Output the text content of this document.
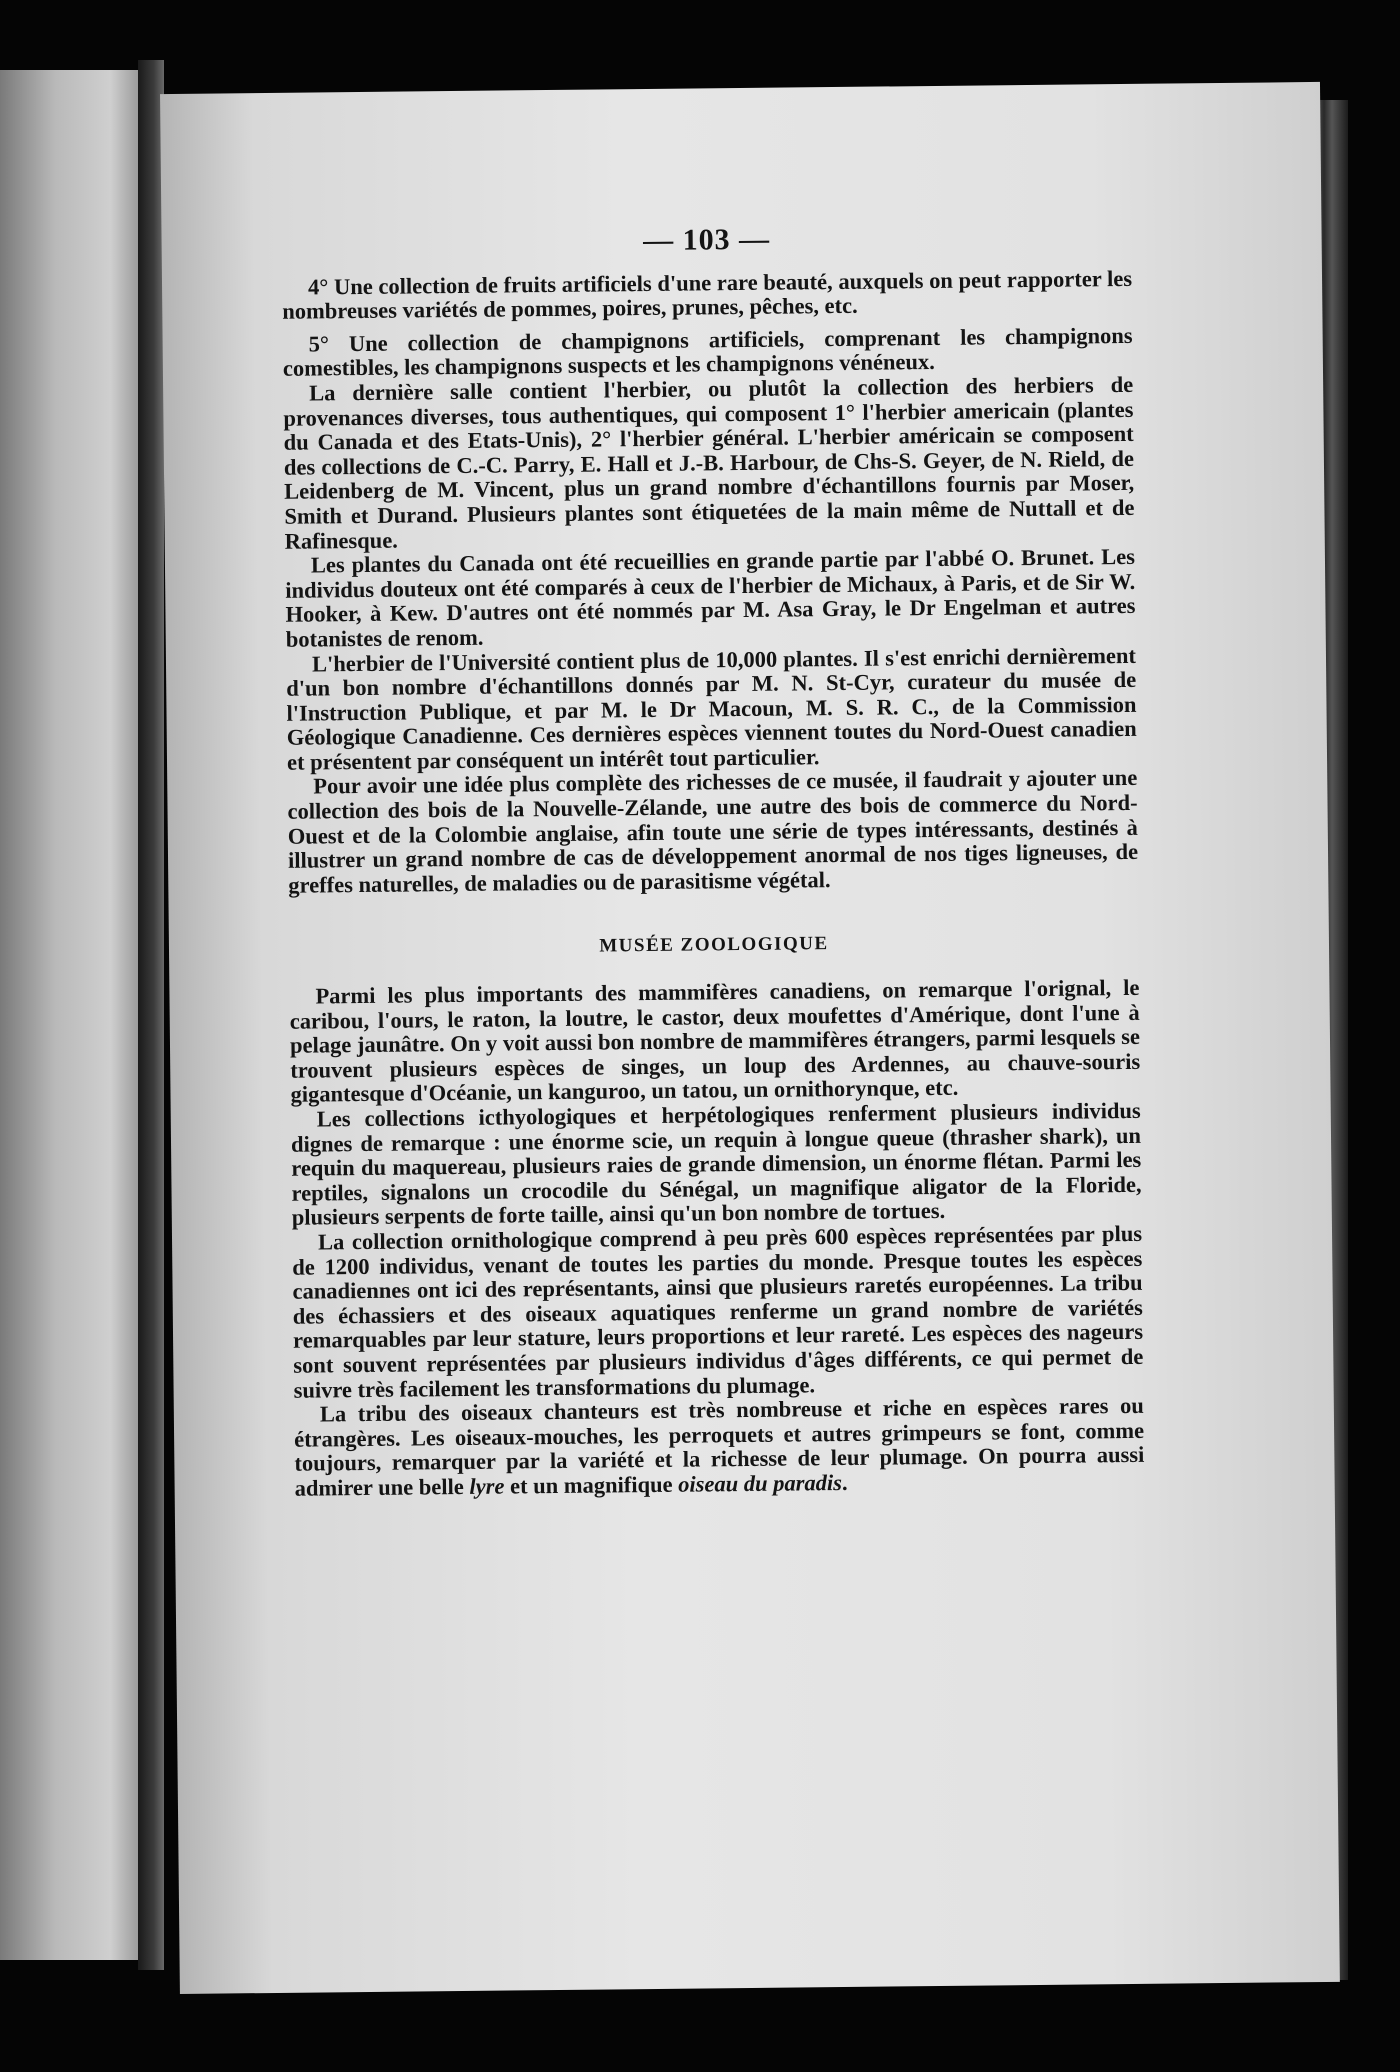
— 103 —

4° Une collection de fruits artificiels d'une rare beauté, auxquels on peut rapporter les nombreuses variétés de pommes, poires, prunes, pêches, etc.

5° Une collection de champignons artificiels, comprenant les champignons comestibles, les champignons suspects et les champignons vénéneux.

La dernière salle contient l'herbier, ou plutôt la collection des herbiers de provenances diverses, tous authentiques, qui composent 1° l'herbier americain (plantes du Canada et des Etats-Unis), 2° l'herbier général. L'herbier américain se composent des collections de C.-C. Parry, E. Hall et J.-B. Harbour, de Chs-S. Geyer, de N. Rield, de Leidenberg de M. Vincent, plus un grand nombre d'échantillons fournis par Moser, Smith et Durand. Plusieurs plantes sont étiquetées de la main même de Nuttall et de Rafinesque.

Les plantes du Canada ont été recueillies en grande partie par l'abbé O. Brunet. Les individus douteux ont été comparés à ceux de l'herbier de Michaux, à Paris, et de Sir W. Hooker, à Kew. D'autres ont été nommés par M. Asa Gray, le Dr Engelman et autres botanistes de renom.

L'herbier de l'Université contient plus de 10,000 plantes. Il s'est enrichi dernièrement d'un bon nombre d'échantillons donnés par M. N. St-Cyr, curateur du musée de l'Instruction Publique, et par M. le Dr Macoun, M. S. R. C., de la Commission Géologique Canadienne. Ces dernières espèces viennent toutes du Nord-Ouest canadien et présentent par conséquent un intérêt tout particulier.

Pour avoir une idée plus complète des richesses de ce musée, il faudrait y ajouter une collection des bois de la Nouvelle-Zélande, une autre des bois de commerce du Nord-Ouest et de la Colombie anglaise, afin toute une série de types intéressants, destinés à illustrer un grand nombre de cas de développement anormal de nos tiges ligneuses, de greffes naturelles, de maladies ou de parasitisme végétal.

MUSÉE ZOOLOGIQUE

Parmi les plus importants des mammifères canadiens, on remarque l'orignal, le caribou, l'ours, le raton, la loutre, le castor, deux moufettes d'Amérique, dont l'une à pelage jaunâtre. On y voit aussi bon nombre de mammifères étrangers, parmi lesquels se trouvent plusieurs espèces de singes, un loup des Ardennes, au chauve-souris gigantesque d'Océanie, un kanguroo, un tatou, un ornithorynque, etc.

Les collections icthyologiques et herpétologiques renferment plusieurs individus dignes de remarque : une énorme scie, un requin à longue queue (thrasher shark), un requin du maquereau, plusieurs raies de grande dimension, un énorme flétan. Parmi les reptiles, signalons un crocodile du Sénégal, un magnifique aligator de la Floride, plusieurs serpents de forte taille, ainsi qu'un bon nombre de tortues.

La collection ornithologique comprend à peu près 600 espèces représentées par plus de 1200 individus, venant de toutes les parties du monde. Presque toutes les espèces canadiennes ont ici des représentants, ainsi que plusieurs raretés européennes. La tribu des échassiers et des oiseaux aquatiques renferme un grand nombre de variétés remarquables par leur stature, leurs proportions et leur rareté. Les espèces des nageurs sont souvent représentées par plusieurs individus d'âges différents, ce qui permet de suivre très facilement les transformations du plumage.

La tribu des oiseaux chanteurs est très nombreuse et riche en espèces rares ou étrangères. Les oiseaux-mouches, les perroquets et autres grimpeurs se font, comme toujours, remarquer par la variété et la richesse de leur plumage. On pourra aussi admirer une belle lyre et un magnifique oiseau du paradis.
